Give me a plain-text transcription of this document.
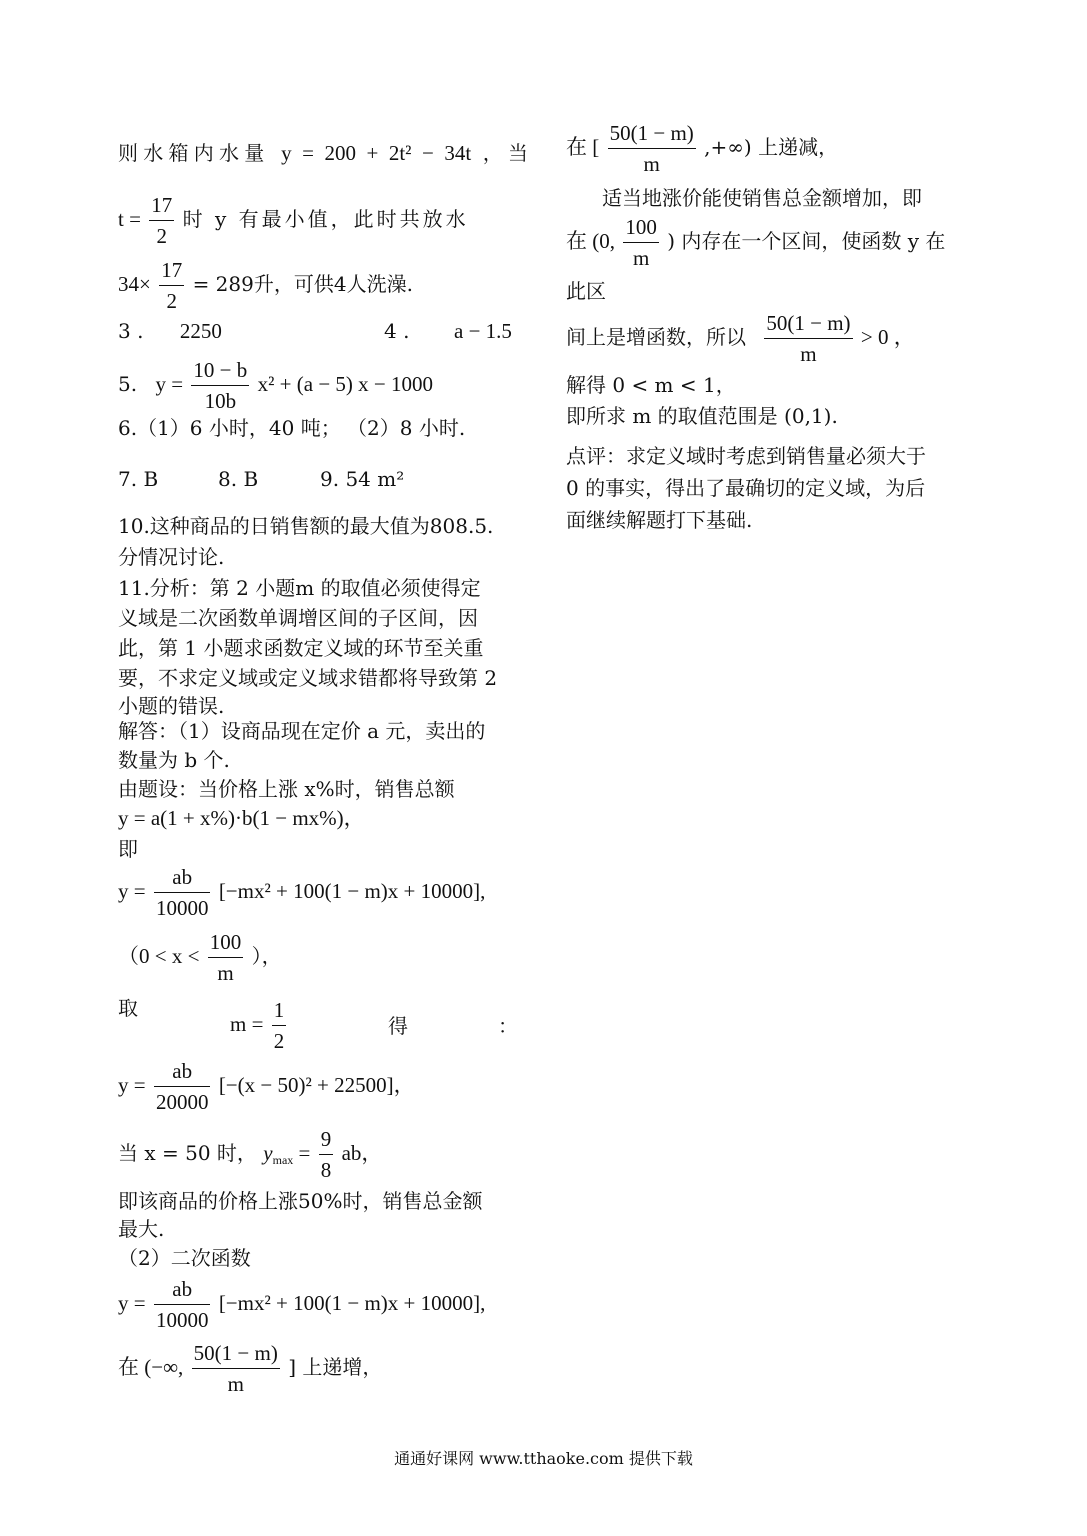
则水箱内水量 y = 200 + 2t² − 34t ，当
$t = \frac{17}{2}$ 时 y 有最小值，此时共放水
$34\times \frac{17}{2} = 289$升，可供4人洗澡.
3 . 2250	4 . a − 1.5
5. $y = \frac{10 - b}{10b} x^2 + (a - 5) x - 1000$
6.（1）6 小时，40 吨； （2）8 小时.
7. B	8. B	9. 54 m²
10.这种商品的日销售额的最大值为808.5.
分情况讨论.
11.分析：第 2 小题m 的取值必须使得定
义域是二次函数单调增区间的子区间，因
此，第 1 小题求函数定义域的环节至关重
要，不求定义域或定义域求错都将导致第 2
小题的错误.
解答：（1）设商品现在定价 a 元，卖出的
数量为 b 个.
由题设：当价格上涨 x%时，销售总额
y = a(1 + x%)·b(1 − mx%)，
即
$y = \frac{ab}{10000} [-mx^2 + 100(1 - m)x + 10000]$,
（$0 < x < \frac{100}{m}$ ），
取
$m = \frac{1}{2}$	得	：
$y = \frac{ab}{20000} [-(x - 50)^2 + 22500]$，
当 x = 50 时， $y_{max} = \frac{9}{8}$ ab，
即该商品的价格上涨50%时，销售总金额
最大.
（2）二次函数
$y = \frac{ab}{10000} [-mx^2 + 100(1 - m)x + 10000]$,
在 (−∞, $\frac{50(1 - m)}{m}$ ] 上递增，
在 [ $\frac{50(1 - m)}{m}$ ,+∞) 上递减，
适当地涨价能使销售总金额增加，即
在 (0, $\frac{100}{m}$ ) 内存在一个区间，使函数 y 在
此区
间上是增函数，所以 $\frac{50(1 - m)}{m} > 0$ ，
解得 0 < m < 1，
即所求 m 的取值范围是 (0,1).
点评：求定义域时考虑到销售量必须大于
0 的事实，得出了最确切的定义域，为后
面继续解题打下基础.
通通好课网 www.tthaoke.com 提供下载
